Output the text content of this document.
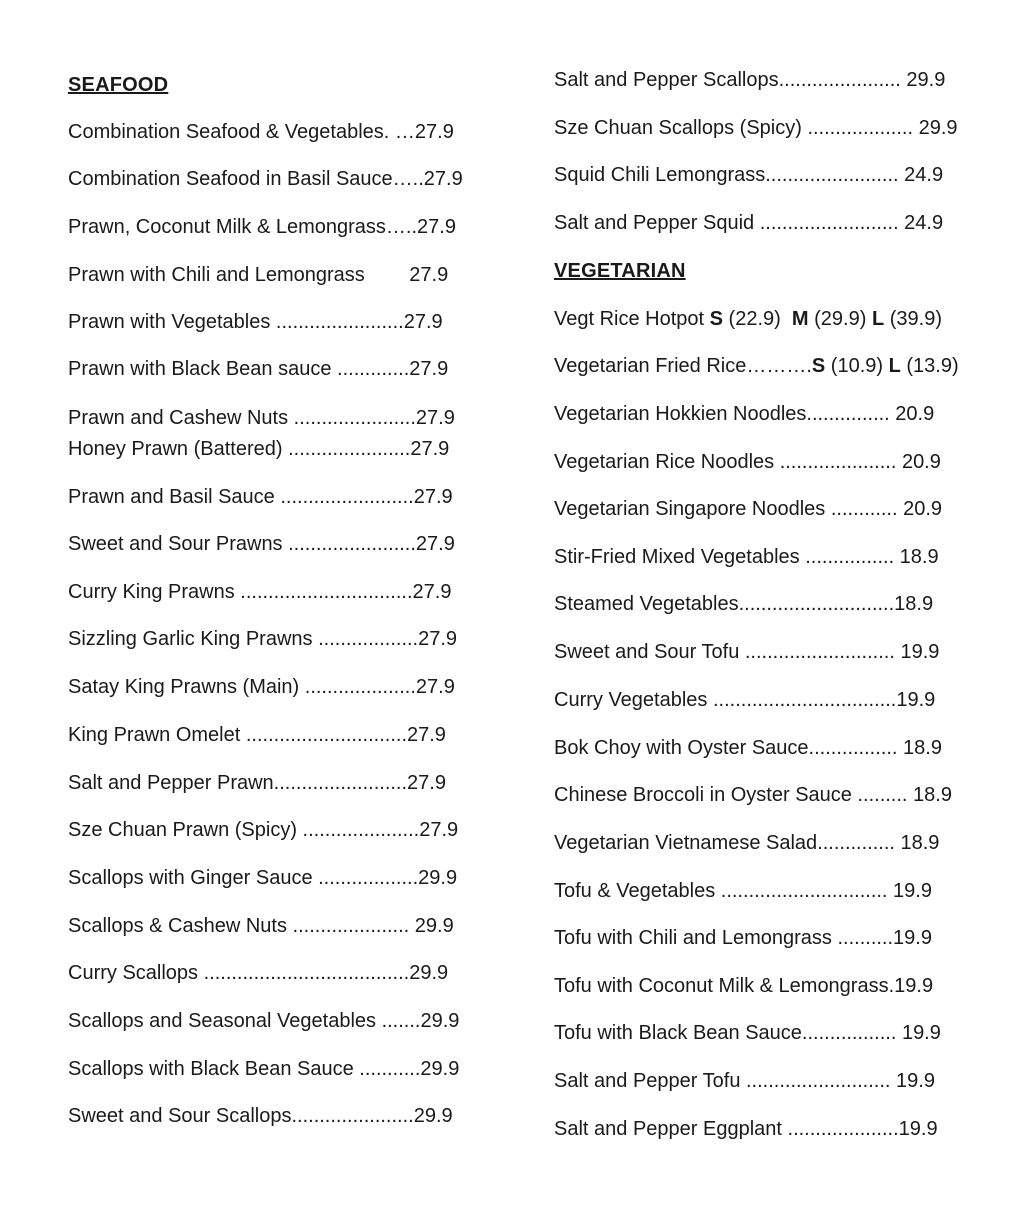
SEAFOOD
Combination Seafood & Vegetables. …27.9
Combination Seafood in Basil Sauce…..27.9
Prawn, Coconut Milk & Lemongrass…..27.9
Prawn with Chili and Lemongrass        27.9
Prawn with Vegetables .......................27.9
Prawn with Black Bean sauce .............27.9
Prawn and Cashew Nuts ......................27.9
Honey Prawn (Battered) ......................27.9
Prawn and Basil Sauce ........................27.9
Sweet and Sour Prawns .......................27.9
Curry King Prawns ...............................27.9
Sizzling Garlic King Prawns ..................27.9
Satay King Prawns (Main) ....................27.9
King Prawn Omelet .............................27.9
Salt and Pepper Prawn........................27.9
Sze Chuan Prawn (Spicy) .....................27.9
Scallops with Ginger Sauce ..................29.9
Scallops & Cashew Nuts ..................... 29.9
Curry Scallops .....................................29.9
Scallops and Seasonal Vegetables .......29.9
Scallops with Black Bean Sauce ...........29.9
Sweet and Sour Scallops......................29.9
Salt and Pepper Scallops...................... 29.9
Sze Chuan Scallops (Spicy) ................... 29.9
Squid Chili Lemongrass........................ 24.9
Salt and Pepper Squid ......................... 24.9
VEGETARIAN
Vegt Rice Hotpot S (22.9)  M (29.9) L (39.9)
Vegetarian Fried Rice……….S (10.9) L (13.9)
Vegetarian Hokkien Noodles............... 20.9
Vegetarian Rice Noodles ..................... 20.9
Vegetarian Singapore Noodles ............ 20.9
Stir-Fried Mixed Vegetables ................ 18.9
Steamed Vegetables............................18.9
Sweet and Sour Tofu ........................... 19.9
Curry Vegetables .................................19.9
Bok Choy with Oyster Sauce................ 18.9
Chinese Broccoli in Oyster Sauce ......... 18.9
Vegetarian Vietnamese Salad.............. 18.9
Tofu & Vegetables .............................. 19.9
Tofu with Chili and Lemongrass ..........19.9
Tofu with Coconut Milk & Lemongrass.19.9
Tofu with Black Bean Sauce................. 19.9
Salt and Pepper Tofu .......................... 19.9
Salt and Pepper Eggplant ....................19.9
